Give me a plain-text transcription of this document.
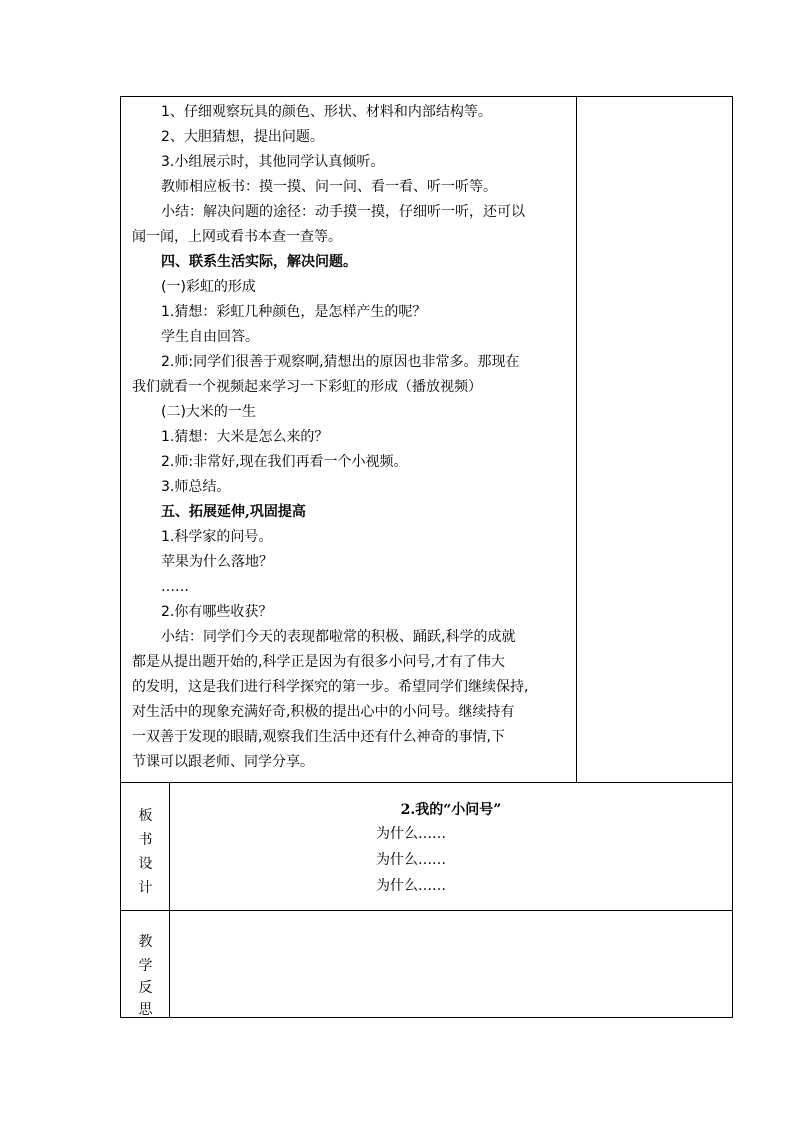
1、仔细观察玩具的颜色、形状、材料和内部结构等。
2、大胆猜想，提出问题。
3.小组展示时，其他同学认真倾听。
教师相应板书：摸一摸、问一问、看一看、听一听等。
小结：解决问题的途径：动手摸一摸，仔细听一听，还可以
闻一闻，上网或看书本查一查等。
四、联系生活实际，解决问题。
(一)彩虹的形成
1.猜想：彩虹几种颜色，是怎样产生的呢？
学生自由回答。
2.师:同学们很善于观察啊,猜想出的原因也非常多。那现在
我们就看一个视频起来学习一下彩虹的形成（播放视频）
(二)大米的一生
1.猜想：大米是怎么来的？
2.师:非常好,现在我们再看一个小视频。
3.师总结。
五、拓展延伸,巩固提高
1.科学家的问号。
苹果为什么落地？
……
2.你有哪些收获？
小结：同学们今天的表现都啦常的积极、踊跃,科学的成就
都是从提出题开始的,科学正是因为有很多小问号,才有了伟大
的发明，这是我们进行科学探究的第一步。希望同学们继续保持,
对生活中的现象充满好奇,积极的提出心中的小问号。继续持有
一双善于发现的眼睛,观察我们生活中还有什么神奇的事情,下
节课可以跟老师、同学分享。
板
书
设
计
2.我的“小问号”
为什么……
为什么……
为什么……
教
学
反
思
